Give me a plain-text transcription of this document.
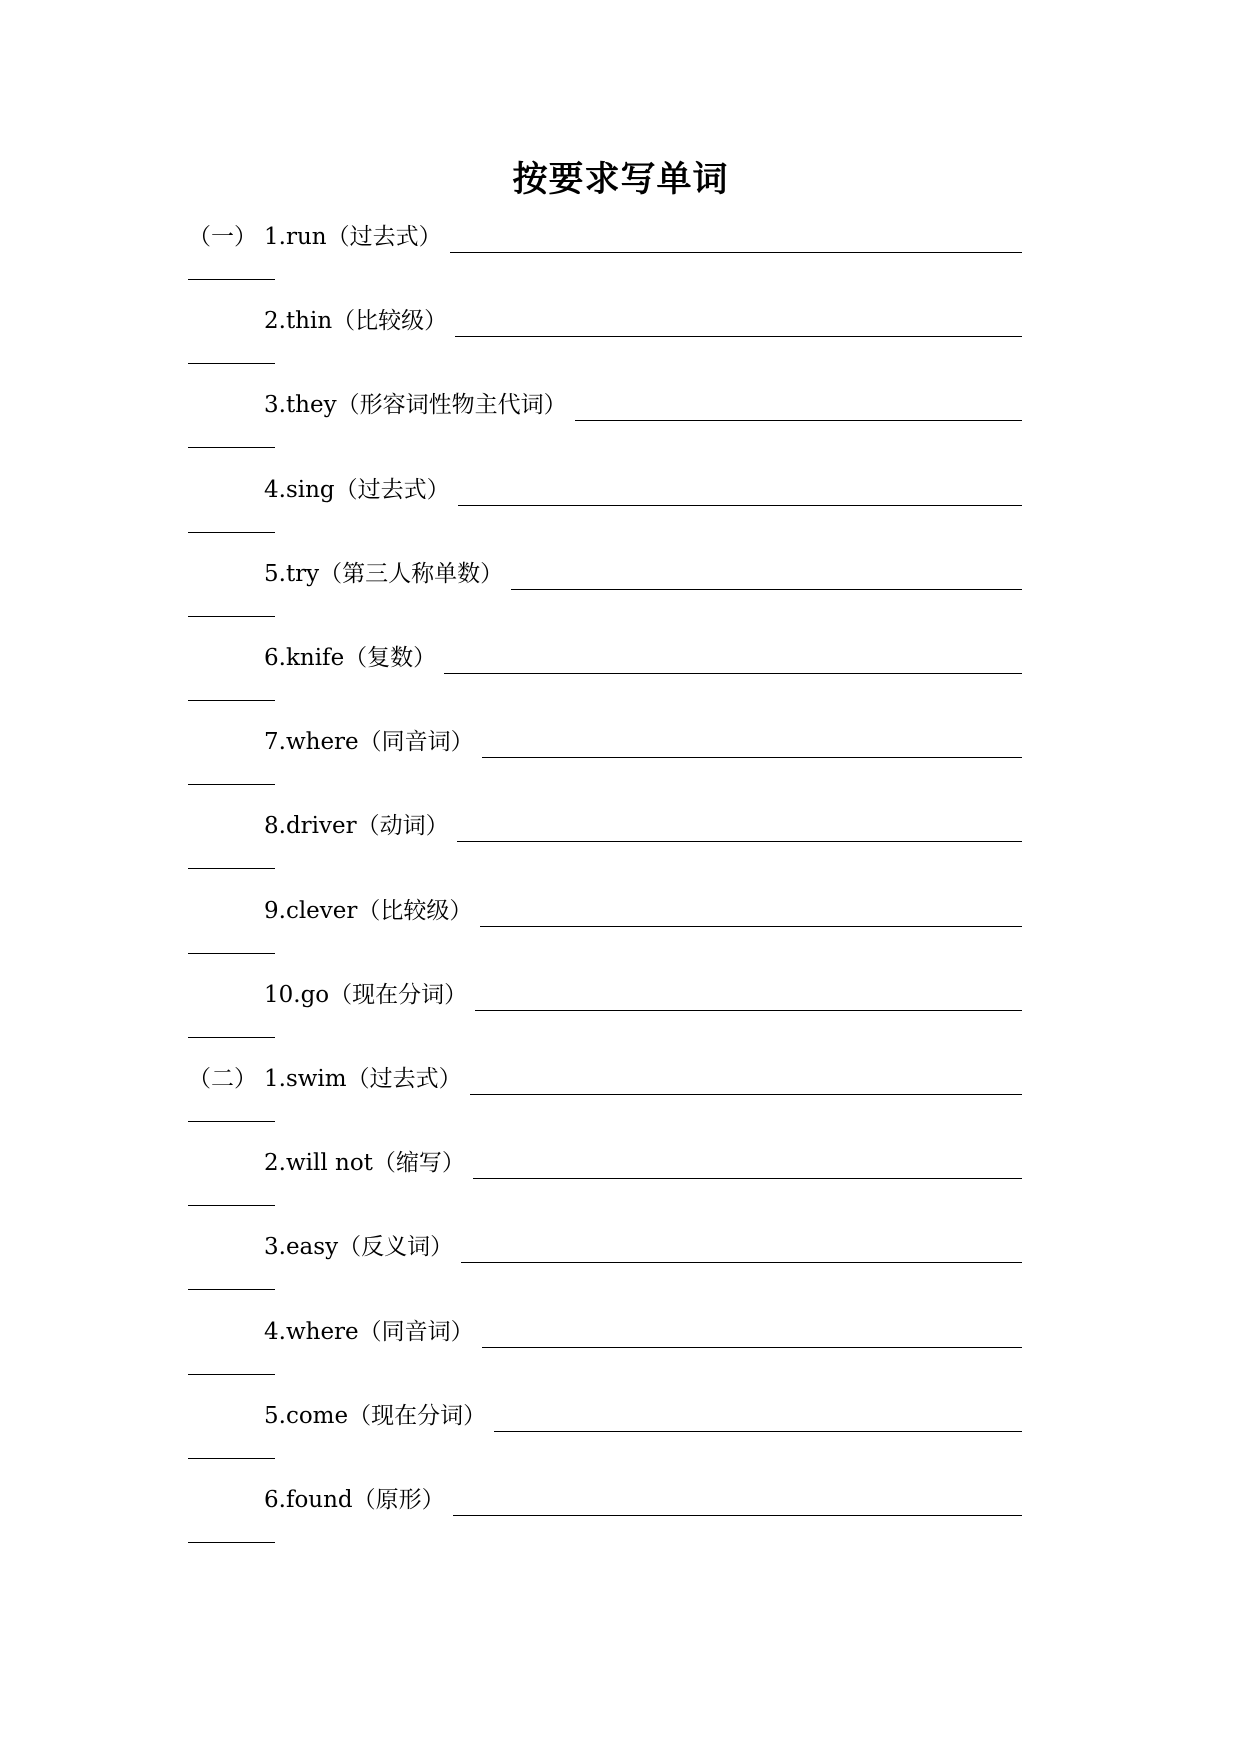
按要求写单词
（一） 1.run（过去式）
2.thin（比较级）
3.they（形容词性物主代词）
4.sing（过去式）
5.try（第三人称单数）
6.knife（复数）
7.where（同音词）
8.driver（动词）
9.clever（比较级）
10.go（现在分词）
（二） 1.swim（过去式）
2.will not（缩写）
3.easy（反义词）
4.where（同音词）
5.come（现在分词）
6.found（原形）
